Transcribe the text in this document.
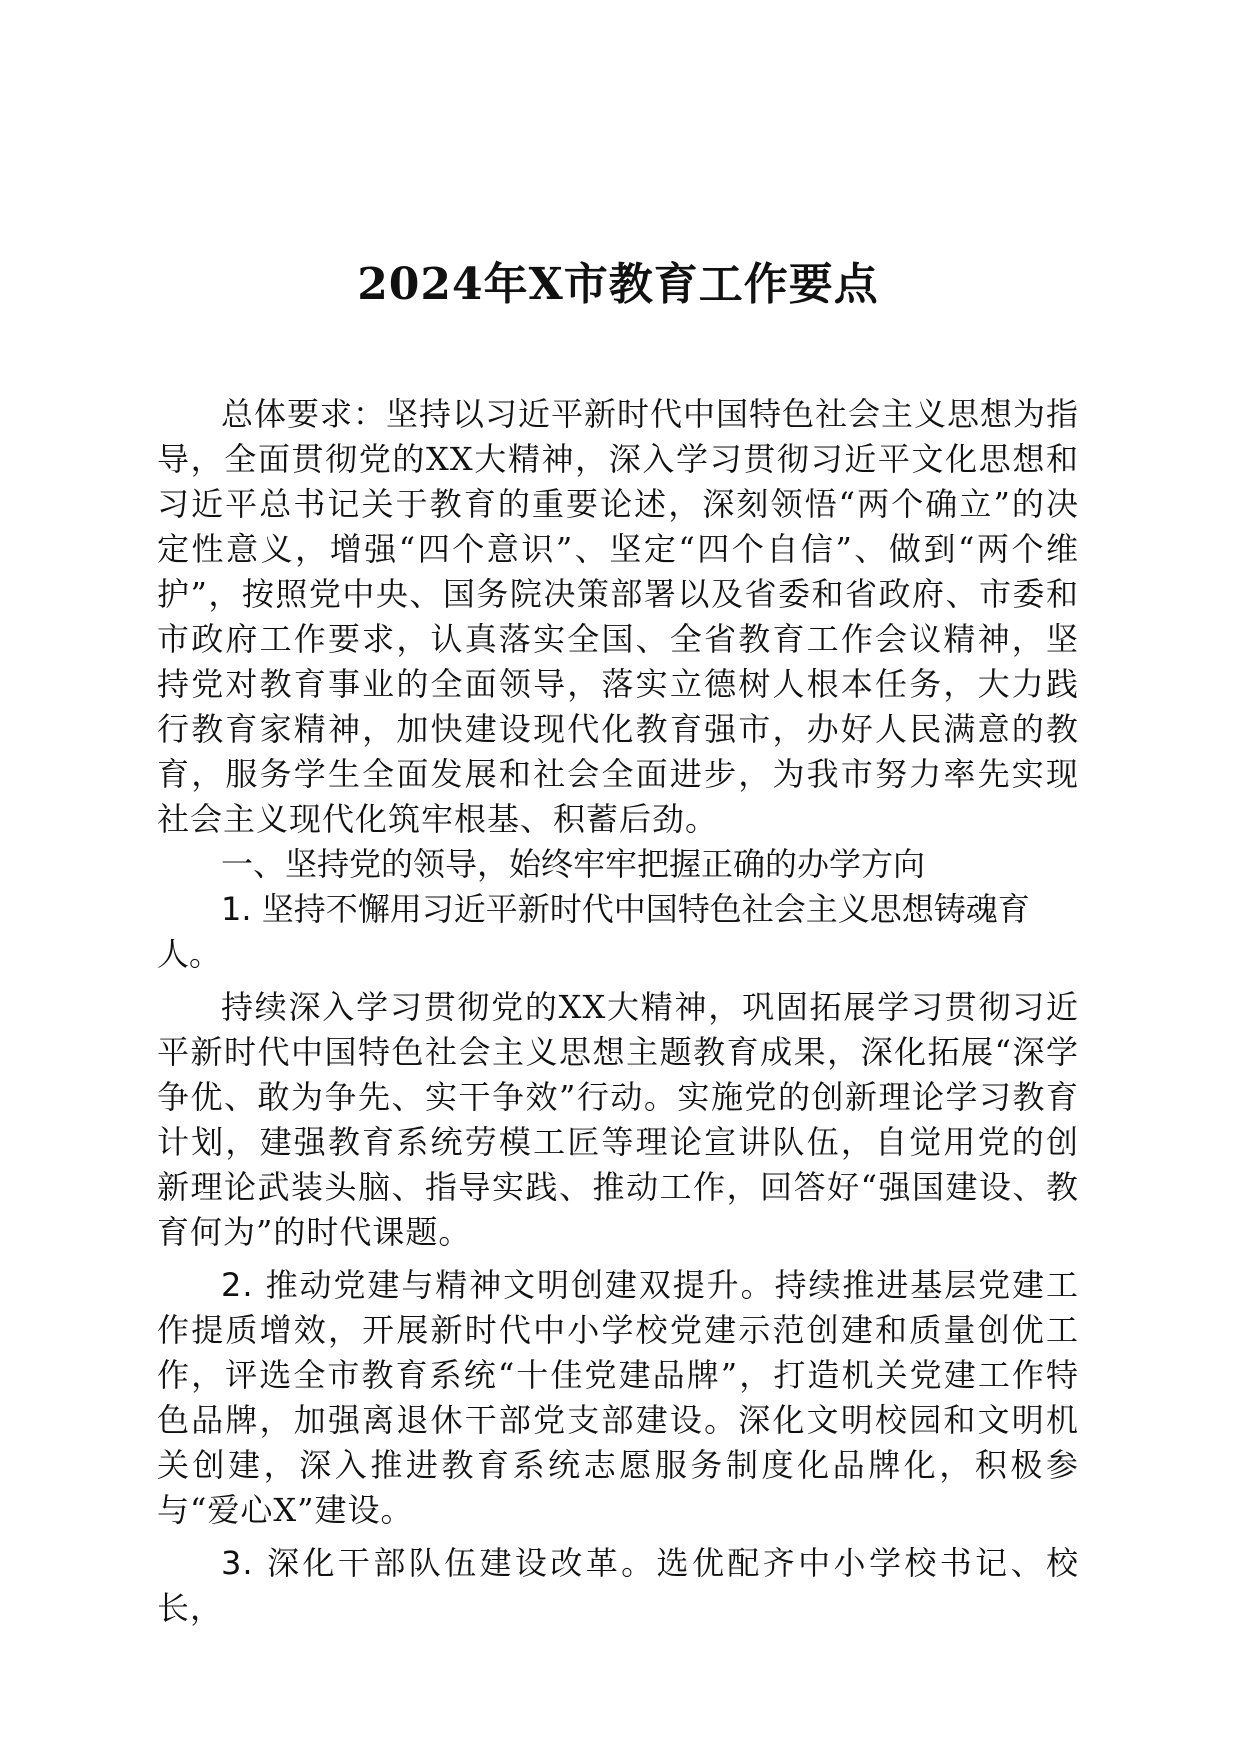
2024年X市教育工作要点

总体要求：坚持以习近平新时代中国特色社会主义思想为指导，全面贯彻党的XX大精神，深入学习贯彻习近平文化思想和习近平总书记关于教育的重要论述，深刻领悟“两个确立”的决定性意义，增强“四个意识”、坚定“四个自信”、做到“两个维护”，按照党中央、国务院决策部署以及省委和省政府、市委和市政府工作要求，认真落实全国、全省教育工作会议精神，坚持党对教育事业的全面领导，落实立德树人根本任务，大力践行教育家精神，加快建设现代化教育强市，办好人民满意的教育，服务学生全面发展和社会全面进步，为我市努力率先实现社会主义现代化筑牢根基、积蓄后劲。

一、坚持党的领导，始终牢牢把握正确的办学方向

1. 坚持不懈用习近平新时代中国特色社会主义思想铸魂育人。

持续深入学习贯彻党的XX大精神，巩固拓展学习贯彻习近平新时代中国特色社会主义思想主题教育成果，深化拓展“深学争优、敢为争先、实干争效”行动。实施党的创新理论学习教育计划，建强教育系统劳模工匠等理论宣讲队伍，自觉用党的创新理论武装头脑、指导实践、推动工作，回答好“强国建设、教育何为”的时代课题。

2. 推动党建与精神文明创建双提升。持续推进基层党建工作提质增效，开展新时代中小学校党建示范创建和质量创优工作，评选全市教育系统“十佳党建品牌”，打造机关党建工作特色品牌，加强离退休干部党支部建设。深化文明校园和文明机关创建，深入推进教育系统志愿服务制度化品牌化，积极参与“爱心X”建设。

3. 深化干部队伍建设改革。选优配齐中小学校书记、校长，
